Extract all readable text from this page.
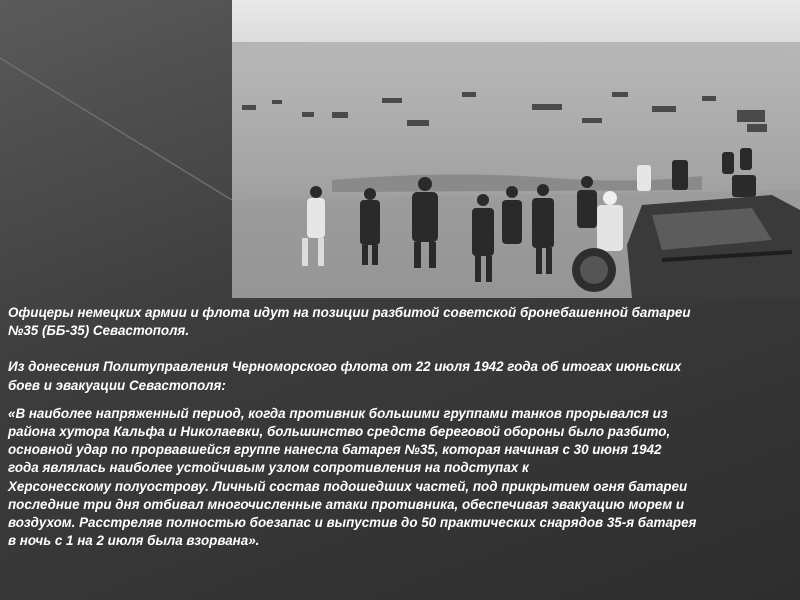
Офицеры немецких армии и флота идут на позиции разбитой советской бронебашенной батареи

№35 (ББ-35) Севастополя.

Из донесения Политуправления Черноморского флота от 22 июля 1942 года об итогах июньских

боев и эвакуации Севастополя:

«В наиболее напряженный период, когда противник большими группами танков прорывался из

района хутора Кальфа и Николаевки, большинство средств береговой обороны было разбито,

основной удар по прорвавшейся группе нанесла батарея №35, которая начиная с 30 июня 1942

года являлась наиболее устойчивым узлом сопротивления на подступах к

Херсонесскому полуострову. Личный состав подошедших частей, под прикрытием огня батареи

последние три дня отбивал многочисленные атаки противника, обеспечивая эвакуацию морем и

воздухом. Расстреляв полностью боезапас и выпустив до 50 практических снарядов 35-я батарея

в ночь с 1 на 2 июля была взорвана».
